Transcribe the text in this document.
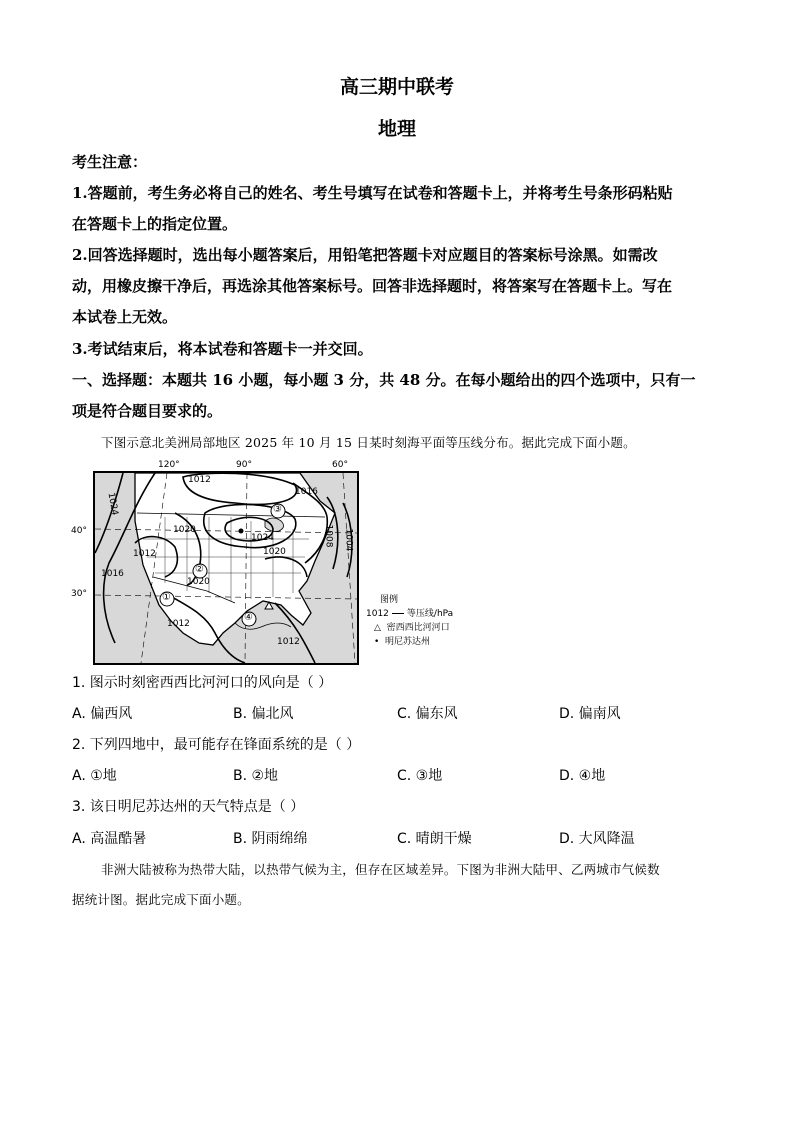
高三期中联考
地理
考生注意：
1.答题前，考生务必将自己的姓名、考生号填写在试卷和答题卡上，并将考生号条形码粘贴
在答题卡上的指定位置。
2.回答选择题时，选出每小题答案后，用铅笔把答题卡对应题目的答案标号涂黑。如需改
动，用橡皮擦干净后，再选涂其他答案标号。回答非选择题时，将答案写在答题卡上。写在
本试卷上无效。
3.考试结束后，将本试卷和答题卡一并交回。
一、选择题：本题共 16 小题，每小题 3 分，共 48 分。在每小题给出的四个选项中，只有一
项是符合题目要求的。
下图示意北美洲局部地区 2025 年 10 月 15 日某时刻海平面等压线分布。据此完成下面小题。
120°	90°	60°
40°
30°
③
②
①
④
1012
1024
1020
1024
1020
1012
1016
1020
1012
1012
1016
1008 1004
图例
1012 等压线/hPa
△ 密西西比河河口
• 明尼苏达州
1. 图示时刻密西西比河河口的风向是（ ）
A. 偏西风	B. 偏北风	C. 偏东风	D. 偏南风
2. 下列四地中，最可能存在锋面系统的是（ ）
A. ①地	B. ②地	C. ③地	D. ④地
3. 该日明尼苏达州的天气特点是（ ）
A. 高温酷暑	B. 阴雨绵绵	C. 晴朗干燥	D. 大风降温
非洲大陆被称为热带大陆，以热带气候为主，但存在区域差异。下图为非洲大陆甲、乙两城市气候数
据统计图。据此完成下面小题。
